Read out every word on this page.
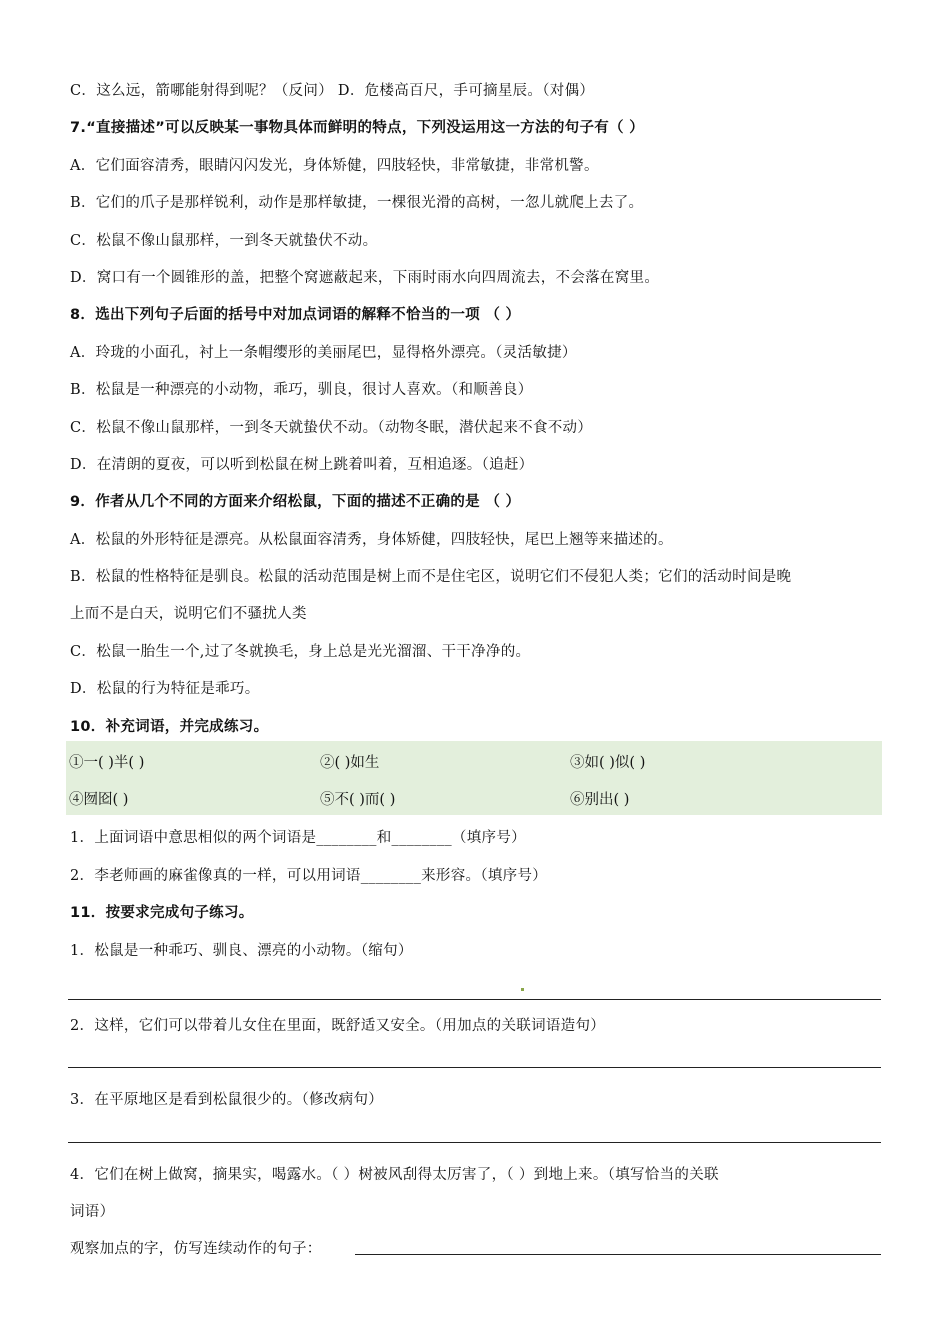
C．这么远，箭哪能射得到呢？（反问） D．危楼高百尺，手可摘星辰。（对偶）
7.“直接描述”可以反映某一事物具体而鲜明的特点，下列没运用这一方法的句子有（ ）
A．它们面容清秀，眼睛闪闪发光，身体矫健，四肢轻快，非常敏捷，非常机警。
B．它们的爪子是那样锐利，动作是那样敏捷，一棵很光滑的高树，一忽儿就爬上去了。
C．松鼠不像山鼠那样，一到冬天就蛰伏不动。
D．窝口有一个圆锥形的盖，把整个窝遮蔽起来，下雨时雨水向四周流去，不会落在窝里。
8．选出下列句子后面的括号中对加点词语的解释不恰当的一项 （ ）
A．玲珑的小面孔，衬上一条帽缨形的美丽尾巴，显得格外漂亮。（灵活敏捷）
B．松鼠是一种漂亮的小动物，乖巧，驯良，很讨人喜欢。（和顺善良）
C．松鼠不像山鼠那样，一到冬天就蛰伏不动。（动物冬眠，潜伏起来不食不动）
D．在清朗的夏夜，可以听到松鼠在树上跳着叫着，互相追逐。（追赶）
9．作者从几个不同的方面来介绍松鼠，下面的描述不正确的是 （ ）
A．松鼠的外形特征是漂亮。从松鼠面容清秀，身体矫健，四肢轻快，尾巴上翘等来描述的。
B．松鼠的性格特征是驯良。松鼠的活动范围是树上而不是住宅区，说明它们不侵犯人类；它们的活动时间是晚
上而不是白天，说明它们不骚扰人类
C．松鼠一胎生一个,过了冬就换毛，身上总是光光溜溜、干干净净的。
D．松鼠的行为特征是乖巧。
10．补充词语，并完成练习。
①一( )半( )	②( )如生	③如( )似( )
④囫囵( )	⑤不( )而( )	⑥别出( )
1．上面词语中意思相似的两个词语是________和________（填序号）
2．李老师画的麻雀像真的一样，可以用词语________来形容。（填序号）
11．按要求完成句子练习。
1．松鼠是一种乖巧、驯良、漂亮的小动物。（缩句）
2．这样，它们可以带着儿女住在里面，既舒适又安全。（用加点的关联词语造句）
3．在平原地区是看到松鼠很少的。（修改病句）
4．它们在树上做窝，摘果实，喝露水。（ ）树被风刮得太厉害了，（ ）到地上来。（填写恰当的关联
词语）
观察加点的字，仿写连续动作的句子：
